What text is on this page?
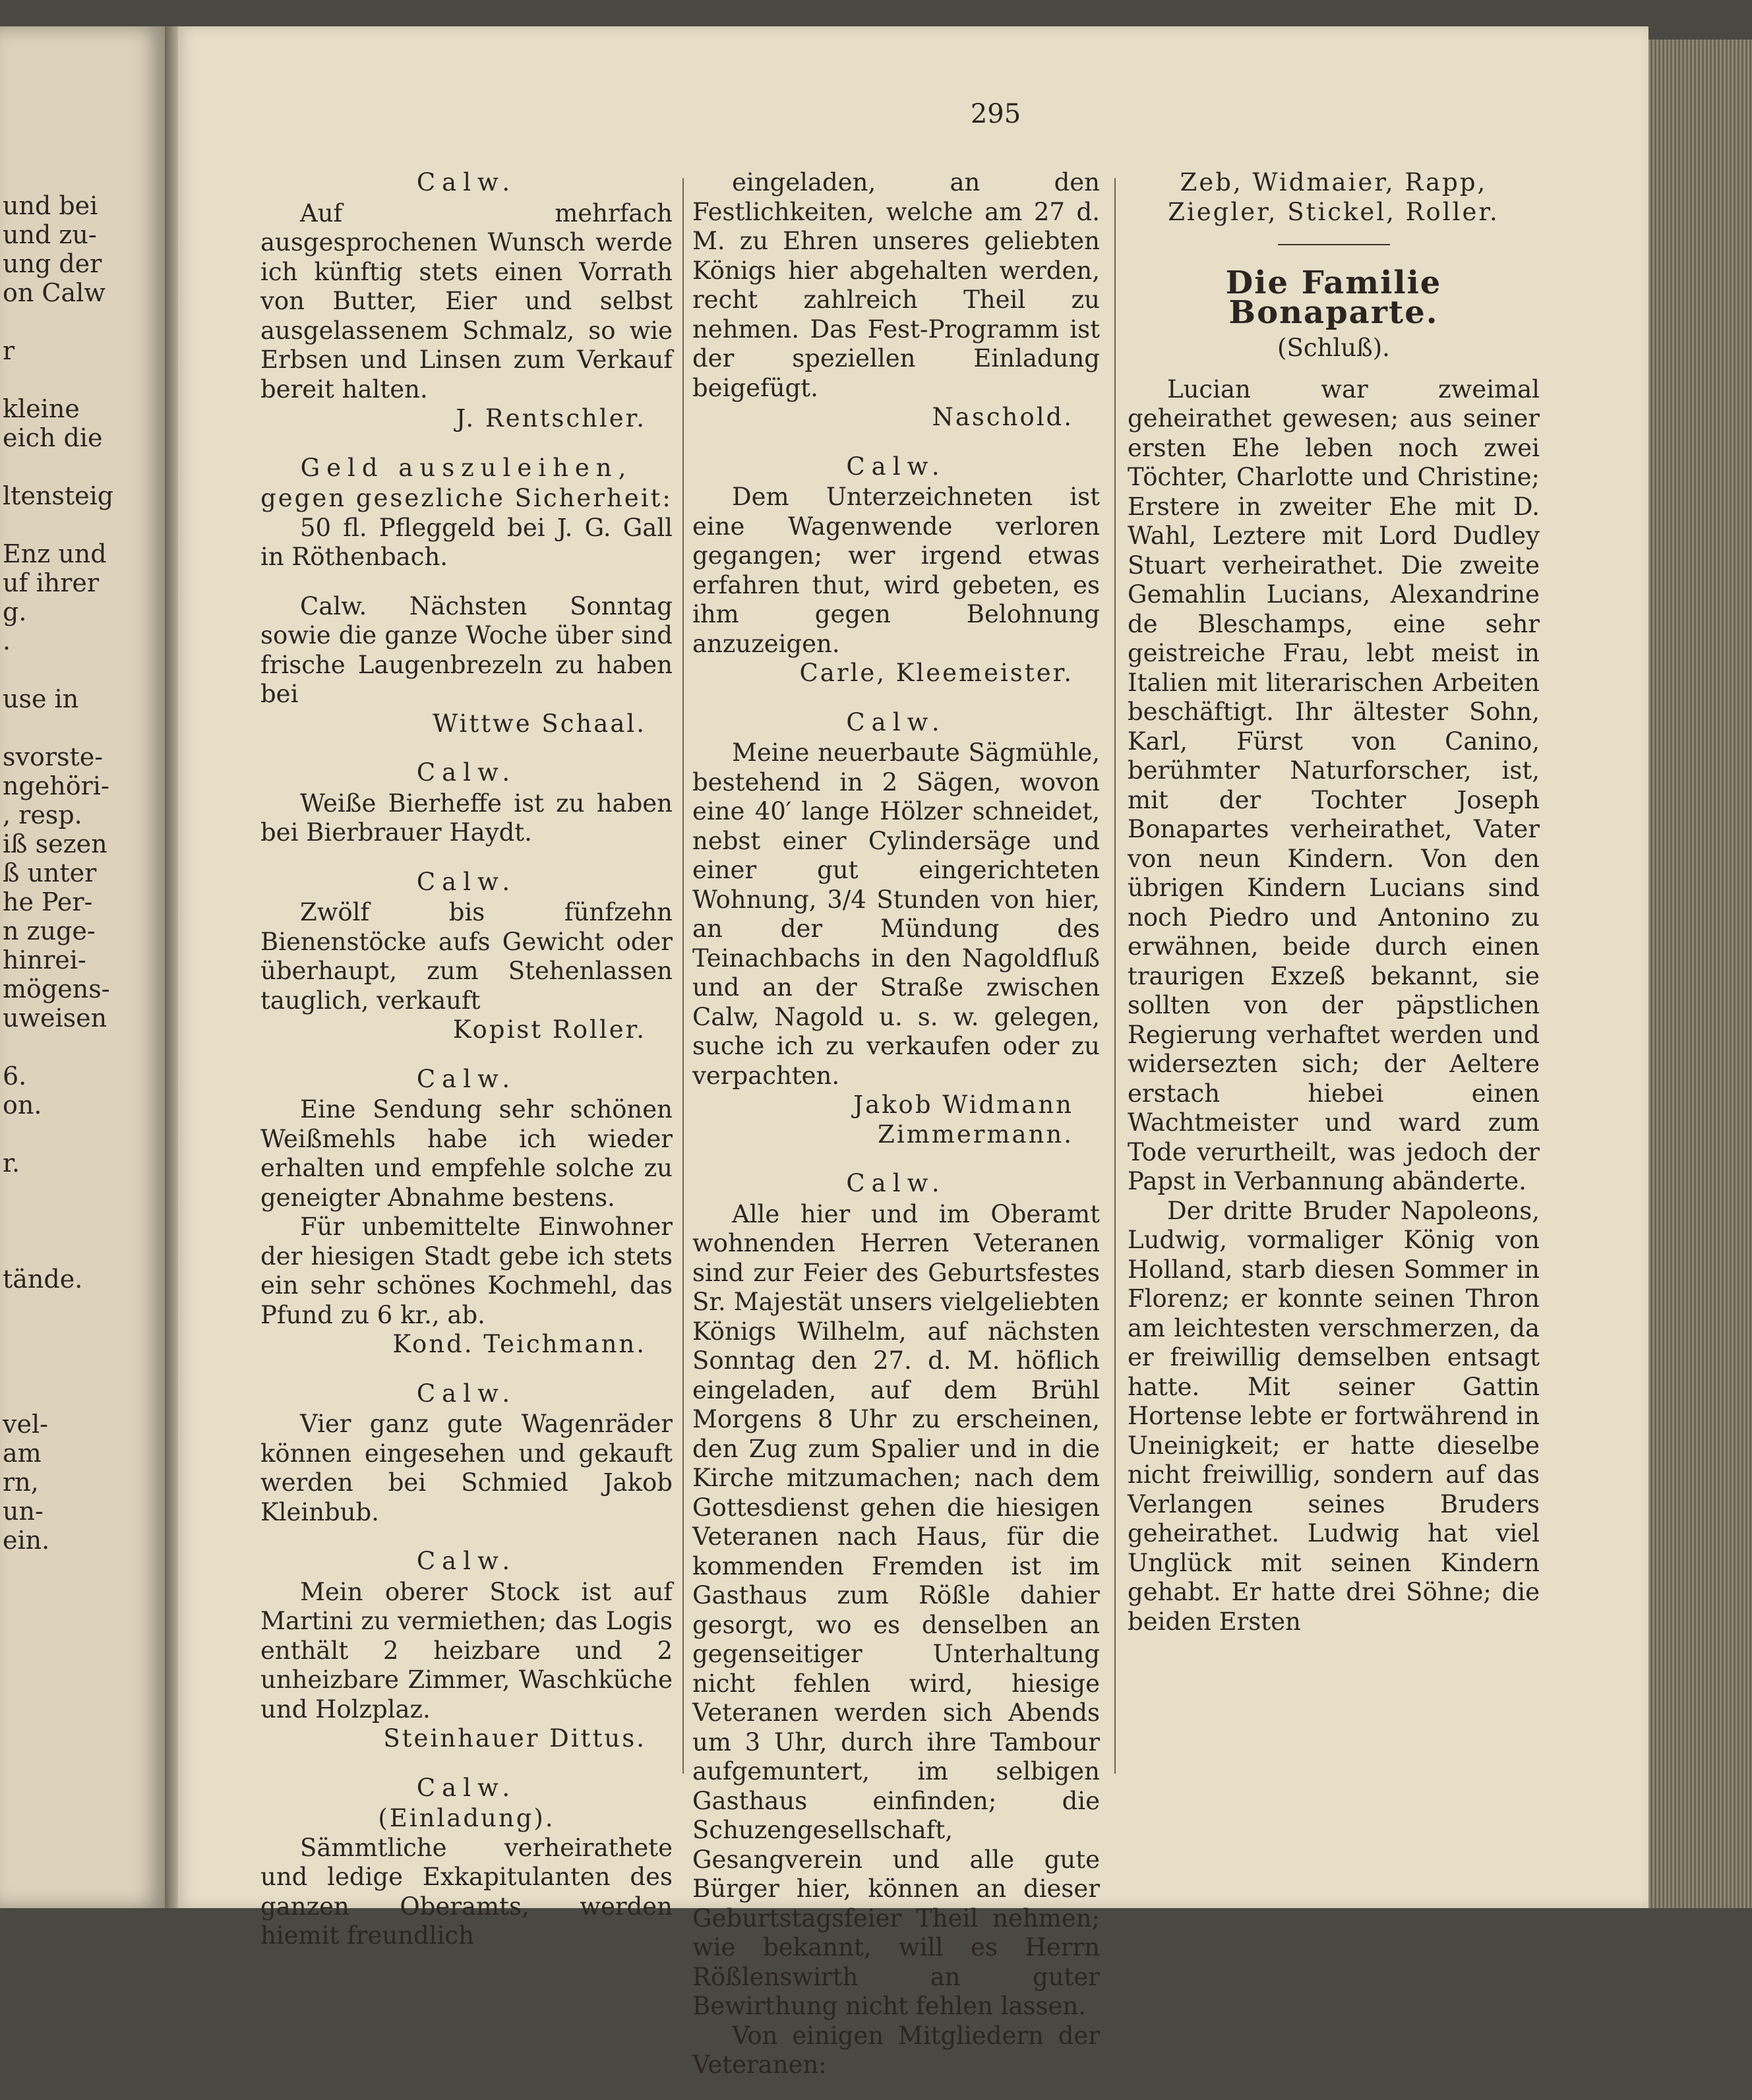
und bei
und zu-
ung der
on Calw
r
kleine
eich die
ltensteig
Enz und
uf ihrer
g.
.
use in
svorste-
ngehöri-
, resp.
iß sezen
ß unter
he Per-
n zuge-
hinrei-
mögens-
uweisen
6.
on.
r.
tände.
vel-
am
rn,
un-
ein.
295

Calw.

Auf mehrfach ausgesprochenen Wunsch werde ich künftig stets einen Vorrath von Butter, Eier und selbst ausgelassenem Schmalz, so wie Erbsen und Linsen zum Verkauf bereit halten.

J. Rentschler.

Geld auszuleihen,

gegen gesezliche Sicherheit:

50 fl. Pfleggeld bei J. G. Gall in Röthenbach.

Calw. Nächsten Sonntag sowie die ganze Woche über sind frische Laugenbrezeln zu haben bei

Wittwe Schaal.

Calw.

Weiße Bierheffe ist zu haben bei Bierbrauer Haydt.

Calw.

Zwölf bis fünfzehn Bienenstöcke aufs Gewicht oder überhaupt, zum Stehenlassen tauglich, verkauft

Kopist Roller.

Calw.

Eine Sendung sehr schönen Weißmehls habe ich wieder erhalten und empfehle solche zu geneigter Abnahme bestens.

Für unbemittelte Einwohner der hiesigen Stadt gebe ich stets ein sehr schönes Kochmehl, das Pfund zu 6 kr., ab.

Kond. Teichmann.

Calw.

Vier ganz gute Wagenräder können eingesehen und gekauft werden bei Schmied Jakob Kleinbub.

Calw.

Mein oberer Stock ist auf Martini zu vermiethen; das Logis enthält 2 heizbare und 2 unheizbare Zimmer, Waschküche und Holzplaz.

Steinhauer Dittus.

Calw.

(Einladung).

Sämmtliche verheirathete und ledige Exkapitulanten des ganzen Oberamts, werden hiemit freundlich

eingeladen, an den Festlichkeiten, welche am 27 d. M. zu Ehren unseres geliebten Königs hier abgehalten werden, recht zahlreich Theil zu nehmen. Das Fest-Programm ist der speziellen Einladung beigefügt.

Naschold.

Calw.

Dem Unterzeichneten ist eine Wagenwende verloren gegangen; wer irgend etwas erfahren thut, wird gebeten, es ihm gegen Belohnung anzuzeigen.

Carle, Kleemeister.

Calw.

Meine neuerbaute Sägmühle, bestehend in 2 Sägen, wovon eine 40′ lange Hölzer schneidet, nebst einer Cylindersäge und einer gut eingerichteten Wohnung, 3/4 Stunden von hier, an der Mündung des Teinachbachs in den Nagoldfluß und an der Straße zwischen Calw, Nagold u. s. w. gelegen, suche ich zu verkaufen oder zu verpachten.

Jakob Widmann

Zimmermann.

Calw.

Alle hier und im Oberamt wohnenden Herren Veteranen sind zur Feier des Geburtsfestes Sr. Majestät unsers vielgeliebten Königs Wilhelm, auf nächsten Sonntag den 27. d. M. höflich eingeladen, auf dem Brühl Morgens 8 Uhr zu erscheinen, den Zug zum Spalier und in die Kirche mitzumachen; nach dem Gottesdienst gehen die hiesigen Veteranen nach Haus, für die kommenden Fremden ist im Gasthaus zum Rößle dahier gesorgt, wo es denselben an gegenseitiger Unterhaltung nicht fehlen wird, hiesige Veteranen werden sich Abends um 3 Uhr, durch ihre Tambour aufgemuntert, im selbigen Gasthaus einfinden; die Schuzengesellschaft, Gesangverein und alle gute Bürger hier, können an dieser Geburtstagsfeier Theil nehmen; wie bekannt, will es Herrn Rößlenswirth an guter Bewirthung nicht fehlen lassen.

Von einigen Mitgliedern der Veteranen:

Zeb, Widmaier, Rapp, Ziegler, Stickel, Roller.

Die Familie Bonaparte.
(Schluß).

Lucian war zweimal geheirathet gewesen; aus seiner ersten Ehe leben noch zwei Töchter, Charlotte und Christine; Erstere in zweiter Ehe mit D. Wahl, Leztere mit Lord Dudley Stuart verheirathet. Die zweite Gemahlin Lucians, Alexandrine de Bleschamps, eine sehr geistreiche Frau, lebt meist in Italien mit literarischen Arbeiten beschäftigt. Ihr ältester Sohn, Karl, Fürst von Canino, berühmter Naturforscher, ist, mit der Tochter Joseph Bonapartes verheirathet, Vater von neun Kindern. Von den übrigen Kindern Lucians sind noch Piedro und Antonino zu erwähnen, beide durch einen traurigen Exzeß bekannt, sie sollten von der päpstlichen Regierung verhaftet werden und widersezten sich; der Aeltere erstach hiebei einen Wachtmeister und ward zum Tode verurtheilt, was jedoch der Papst in Verbannung abänderte.

Der dritte Bruder Napoleons, Ludwig, vormaliger König von Holland, starb diesen Sommer in Florenz; er konnte seinen Thron am leichtesten verschmerzen, da er freiwillig demselben entsagt hatte. Mit seiner Gattin Hortense lebte er fortwährend in Uneinigkeit; er hatte dieselbe nicht freiwillig, sondern auf das Verlangen seines Bruders geheirathet. Ludwig hat viel Unglück mit seinen Kindern gehabt. Er hatte drei Söhne; die beiden Ersten
